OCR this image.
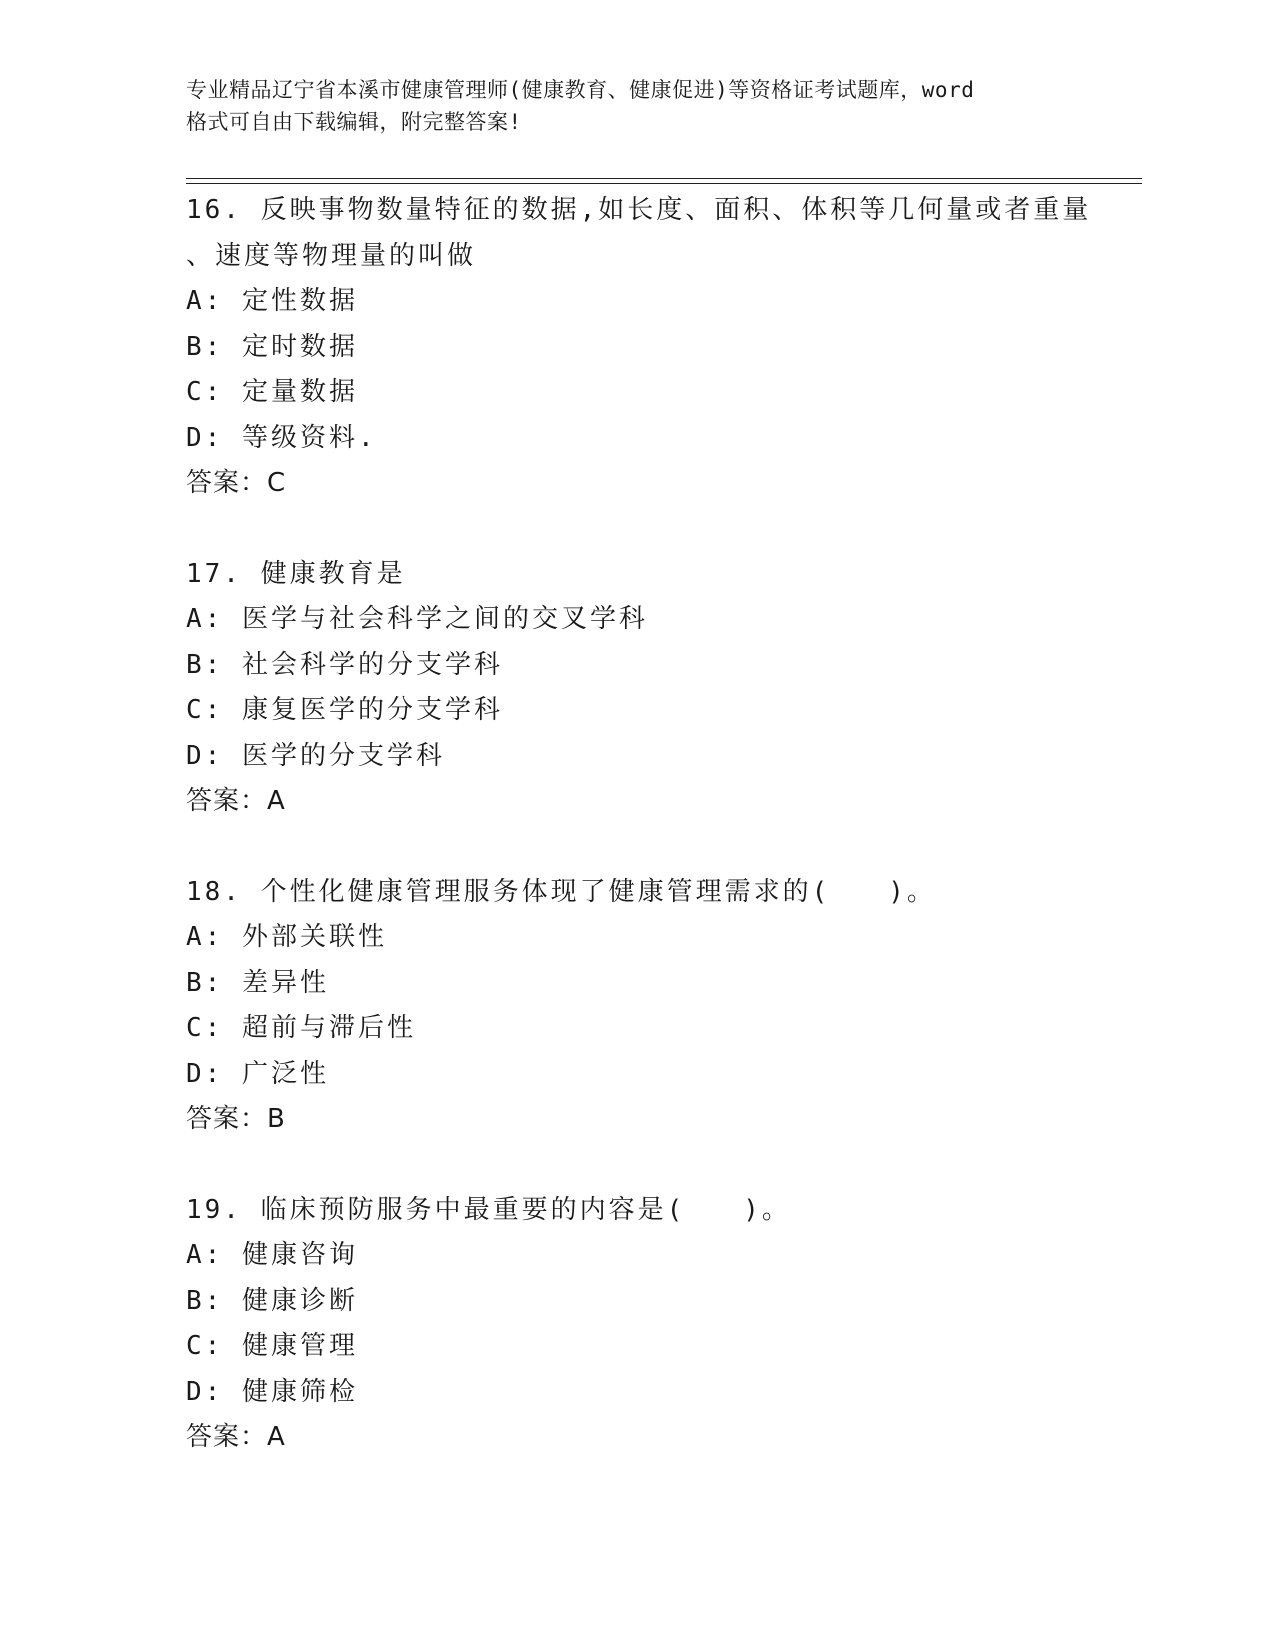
专业精品辽宁省本溪市健康管理师(健康教育、健康促进)等资格证考试题库，word
格式可自由下载编辑，附完整答案!
16. 反映事物数量特征的数据,如长度、面积、体积等几何量或者重量
、速度等物理量的叫做
A: 定性数据
B: 定时数据
C: 定量数据
D: 等级资料.
答案：C
17. 健康教育是
A: 医学与社会科学之间的交叉学科
B: 社会科学的分支学科
C: 康复医学的分支学科
D: 医学的分支学科
答案：A
18. 个性化健康管理服务体现了健康管理需求的(　　)。
A: 外部关联性
B: 差异性
C: 超前与滞后性
D: 广泛性
答案：B
19. 临床预防服务中最重要的内容是(　　)。
A: 健康咨询
B: 健康诊断
C: 健康管理
D: 健康筛检
答案：A
